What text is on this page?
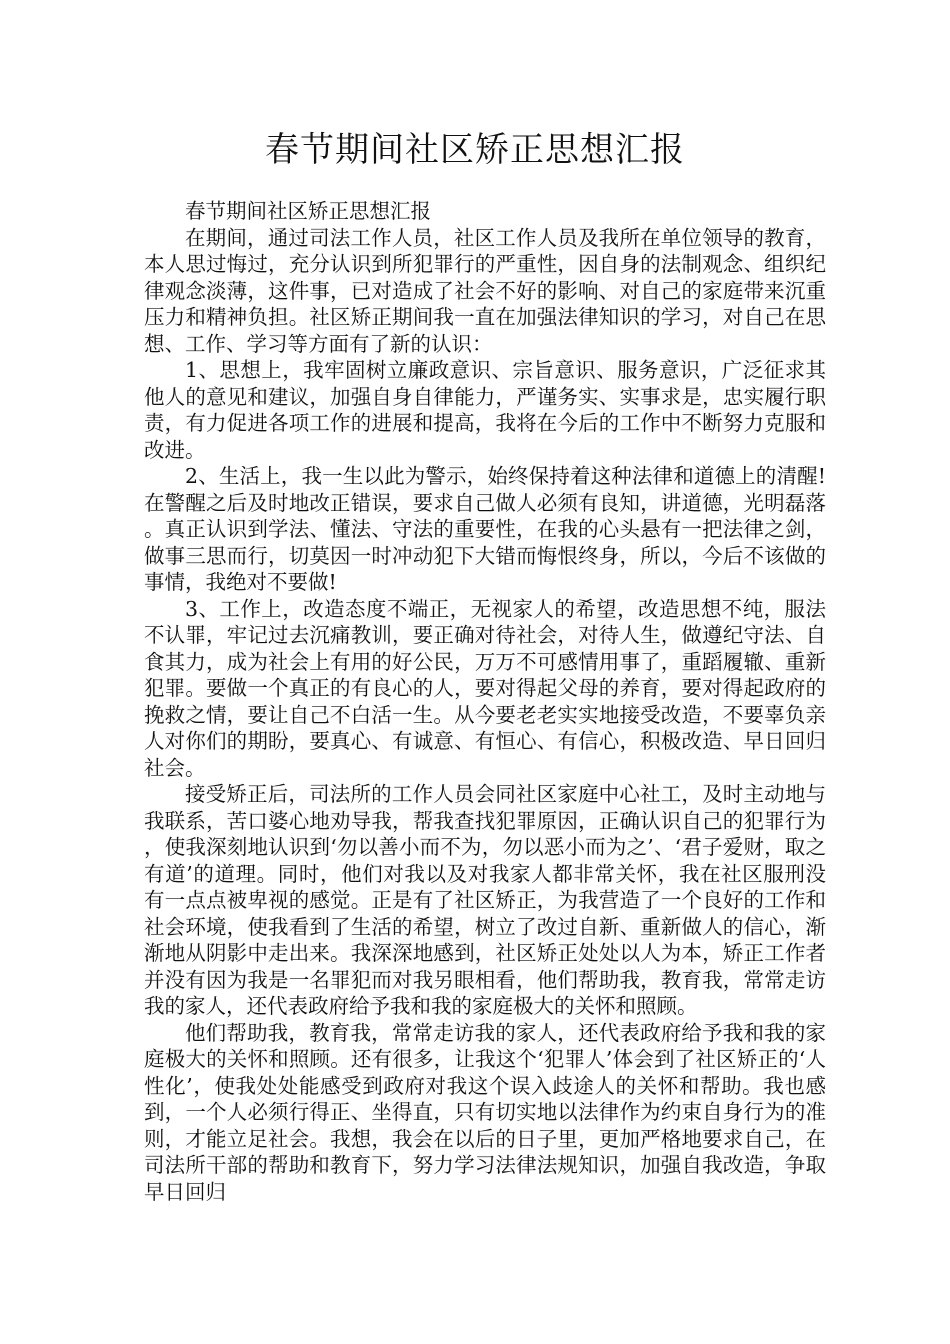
春节期间社区矫正思想汇报

春节期间社区矫正思想汇报

在期间，通过司法工作人员，社区工作人员及我所在单位领导的教育，本人思过悔过，充分认识到所犯罪行的严重性，因自身的法制观念、组织纪律观念淡薄，这件事，已对造成了社会不好的影响、对自己的家庭带来沉重压力和精神负担。社区矫正期间我一直在加强法律知识的学习，对自己在思想、工作、学习等方面有了新的认识：

1、思想上，我牢固树立廉政意识、宗旨意识、服务意识，广泛征求其他人的意见和建议，加强自身自律能力，严谨务实、实事求是，忠实履行职责，有力促进各项工作的进展和提高，我将在今后的工作中不断努力克服和改进。

2、生活上，我一生以此为警示，始终保持着这种法律和道德上的清醒!在警醒之后及时地改正错误，要求自己做人必须有良知，讲道德，光明磊落。真正认识到学法、懂法、守法的重要性，在我的心头悬有一把法律之剑，做事三思而行，切莫因一时冲动犯下大错而悔恨终身，所以，今后不该做的事情，我绝对不要做!

3、工作上，改造态度不端正，无视家人的希望，改造思想不纯，服法不认罪，牢记过去沉痛教训，要正确对待社会，对待人生，做遵纪守法、自食其力，成为社会上有用的好公民，万万不可感情用事了，重蹈履辙、重新犯罪。要做一个真正的有良心的人，要对得起父母的养育，要对得起政府的挽救之情，要让自己不白活一生。从今要老老实实地接受改造，不要辜负亲人对你们的期盼，要真心、有诚意、有恒心、有信心，积极改造、早日回归社会。

接受矫正后，司法所的工作人员会同社区家庭中心社工，及时主动地与我联系，苦口婆心地劝导我，帮我查找犯罪原因，正确认识自己的犯罪行为，使我深刻地认识到‘勿以善小而不为，勿以恶小而为之’、‘君子爱财，取之有道’的道理。同时，他们对我以及对我家人都非常关怀，我在社区服刑没有一点点被卑视的感觉。正是有了社区矫正，为我营造了一个良好的工作和社会环境，使我看到了生活的希望，树立了改过自新、重新做人的信心，渐渐地从阴影中走出来。我深深地感到，社区矫正处处以人为本，矫正工作者并没有因为我是一名罪犯而对我另眼相看，他们帮助我，教育我，常常走访我的家人，还代表政府给予我和我的家庭极大的关怀和照顾。

他们帮助我，教育我，常常走访我的家人，还代表政府给予我和我的家庭极大的关怀和照顾。还有很多，让我这个‘犯罪人’体会到了社区矫正的‘人性化’，使我处处能感受到政府对我这个误入歧途人的关怀和帮助。我也感到，一个人必须行得正、坐得直，只有切实地以法律作为约束自身行为的准则，才能立足社会。我想，我会在以后的日子里，更加严格地要求自己，在司法所干部的帮助和教育下，努力学习法律法规知识，加强自我改造，争取早日回归
